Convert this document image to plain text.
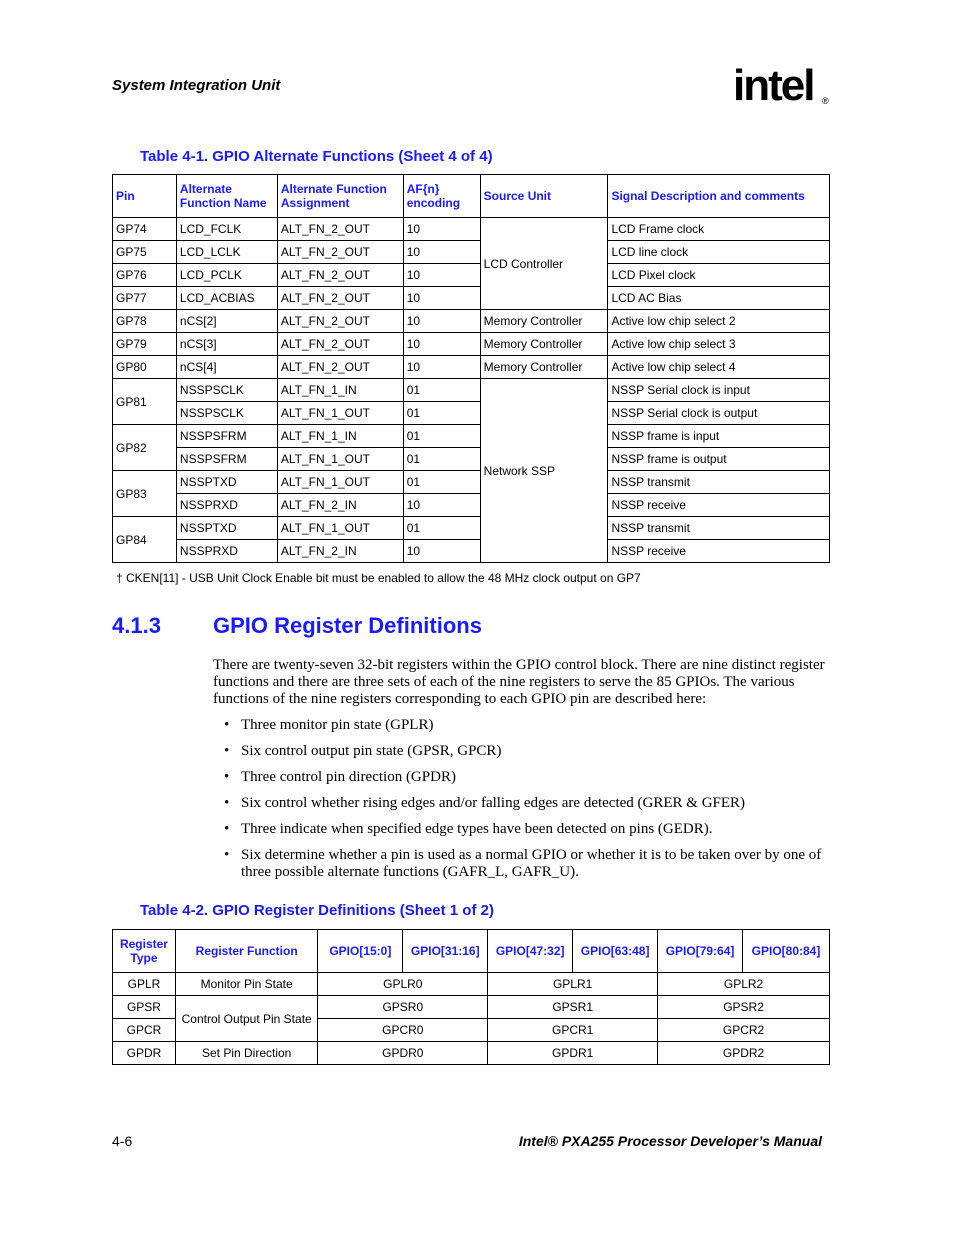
System Integration Unit	intel ®
Table 4-1. GPIO Alternate Functions (Sheet 4 of 4)
Pin	Alternate Function Name	Alternate Function Assignment	AF{n} encoding	Source Unit	Signal Description and comments
GP74	LCD_FCLK	ALT_FN_2_OUT	10	LCD Controller	LCD Frame clock
GP75	LCD_LCLK	ALT_FN_2_OUT	10		LCD line clock
GP76	LCD_PCLK	ALT_FN_2_OUT	10		LCD Pixel clock
GP77	LCD_ACBIAS	ALT_FN_2_OUT	10		LCD AC Bias
GP78	nCS[2]	ALT_FN_2_OUT	10	Memory Controller	Active low chip select 2
GP79	nCS[3]	ALT_FN_2_OUT	10	Memory Controller	Active low chip select 3
GP80	nCS[4]	ALT_FN_2_OUT	10	Memory Controller	Active low chip select 4
GP81	NSSPSCLK	ALT_FN_1_IN	01	Network SSP	NSSP Serial clock is input
	NSSPSCLK	ALT_FN_1_OUT	01		NSSP Serial clock is output
GP82	NSSPSFRM	ALT_FN_1_IN	01		NSSP frame is input
	NSSPSFRM	ALT_FN_1_OUT	01		NSSP frame is output
GP83	NSSPTXD	ALT_FN_1_OUT	01		NSSP transmit
	NSSPRXD	ALT_FN_2_IN	10		NSSP receive
GP84	NSSPTXD	ALT_FN_1_OUT	01		NSSP transmit
	NSSPRXD	ALT_FN_2_IN	10		NSSP receive
† CKEN[11] - USB Unit Clock Enable bit must be enabled to allow the 48 MHz clock output on GP7
4.1.3 GPIO Register Definitions
There are twenty-seven 32-bit registers within the GPIO control block. There are nine distinct register functions and there are three sets of each of the nine registers to serve the 85 GPIOs. The various functions of the nine registers corresponding to each GPIO pin are described here:
• Three monitor pin state (GPLR)
• Six control output pin state (GPSR, GPCR)
• Three control pin direction (GPDR)
• Six control whether rising edges and/or falling edges are detected (GRER & GFER)
• Three indicate when specified edge types have been detected on pins (GEDR).
• Six determine whether a pin is used as a normal GPIO or whether it is to be taken over by one of three possible alternate functions (GAFR_L, GAFR_U).
Table 4-2. GPIO Register Definitions (Sheet 1 of 2)
Register Type	Register Function	GPIO[15:0]	GPIO[31:16]	GPIO[47:32]	GPIO[63:48]	GPIO[79:64]	GPIO[80:84]
GPLR	Monitor Pin State	GPLR0		GPLR1		GPLR2	
GPSR	Control Output Pin State	GPSR0		GPSR1		GPSR2	
GPCR		GPCR0		GPCR1		GPCR2	
GPDR	Set Pin Direction	GPDR0		GPDR1		GPDR2	
4-6	Intel® PXA255 Processor Developer’s Manual
